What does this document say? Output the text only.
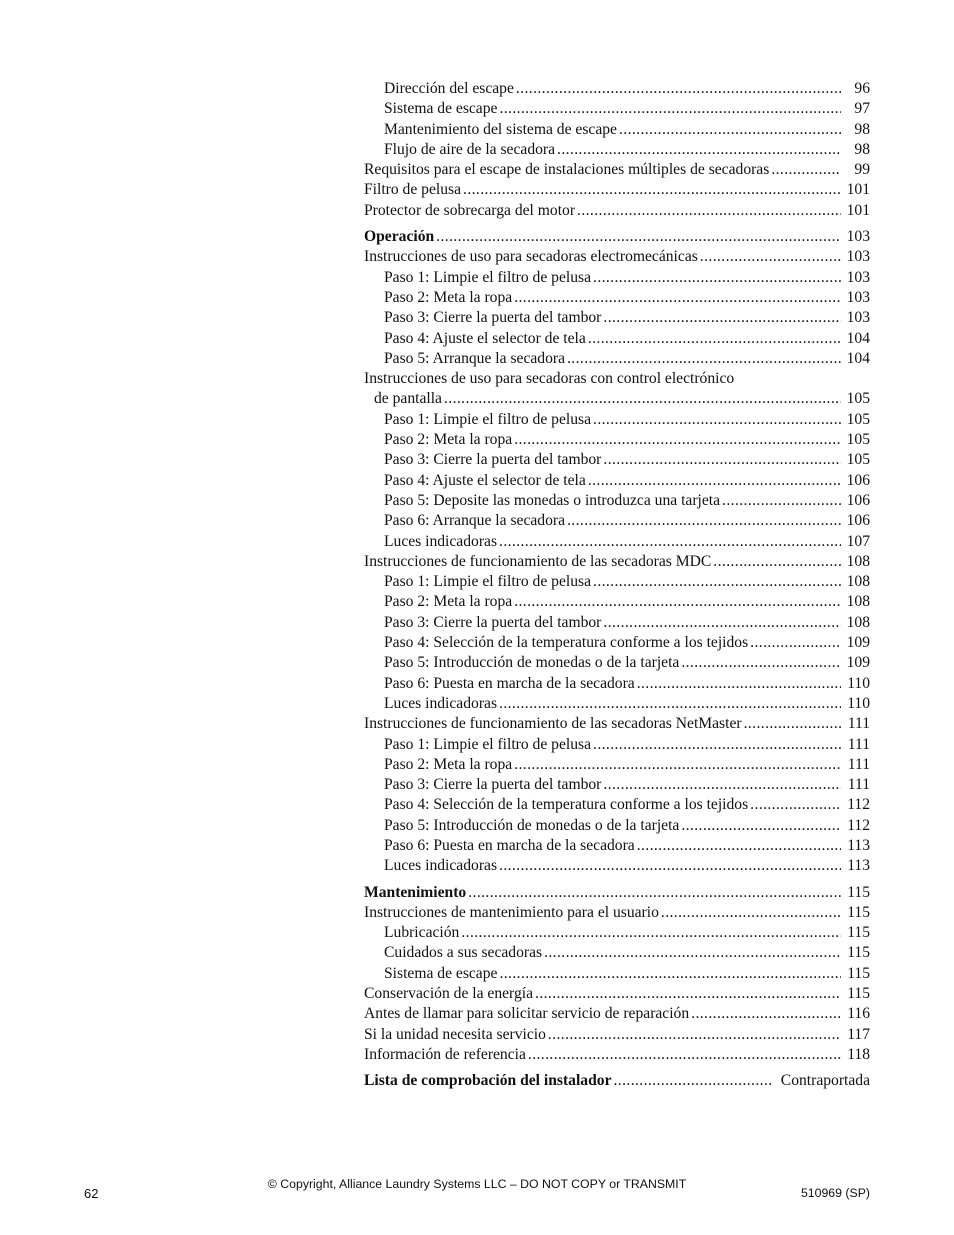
Dirección del escape .....	96
Sistema de escape .....	97
Mantenimiento del sistema de escape .....	98
Flujo de aire de la secadora .....	98
Requisitos para el escape de instalaciones múltiples de secadoras .....	99
Filtro de pelusa .....	101
Protector de sobrecarga del motor .....	101
Operación .....	103
Instrucciones de uso para secadoras electromecánicas .....	103
Paso 1: Limpie el filtro de pelusa .....	103
Paso 2: Meta la ropa .....	103
Paso 3: Cierre la puerta del tambor .....	103
Paso 4: Ajuste el selector de tela .....	104
Paso 5: Arranque la secadora .....	104
Instrucciones de uso para secadoras con control electrónico
de pantalla .....	105
Paso 1: Limpie el filtro de pelusa .....	105
Paso 2: Meta la ropa .....	105
Paso 3: Cierre la puerta del tambor .....	105
Paso 4: Ajuste el selector de tela .....	106
Paso 5: Deposite las monedas o introduzca una tarjeta .....	106
Paso 6: Arranque la secadora .....	106
Luces indicadoras .....	107
Instrucciones de funcionamiento de las secadoras MDC .....	108
Paso 1: Limpie el filtro de pelusa .....	108
Paso 2: Meta la ropa .....	108
Paso 3: Cierre la puerta del tambor .....	108
Paso 4: Selección de la temperatura conforme a los tejidos .....	109
Paso 5: Introducción de monedas o de la tarjeta .....	109
Paso 6: Puesta en marcha de la secadora .....	110
Luces indicadoras .....	110
Instrucciones de funcionamiento de las secadoras NetMaster .....	111
Paso 1: Limpie el filtro de pelusa .....	111
Paso 2: Meta la ropa .....	111
Paso 3: Cierre la puerta del tambor .....	111
Paso 4: Selección de la temperatura conforme a los tejidos .....	112
Paso 5: Introducción de monedas o de la tarjeta .....	112
Paso 6: Puesta en marcha de la secadora .....	113
Luces indicadoras .....	113
Mantenimiento .....	115
Instrucciones de mantenimiento para el usuario .....	115
Lubricación .....	115
Cuidados a sus secadoras .....	115
Sistema de escape .....	115
Conservación de la energía .....	115
Antes de llamar para solicitar servicio de reparación .....	116
Si la unidad necesita servicio .....	117
Información de referencia .....	118
Lista de comprobación del instalador .....	Contraportada
62
© Copyright, Alliance Laundry Systems LLC – DO NOT COPY or TRANSMIT
510969 (SP)
